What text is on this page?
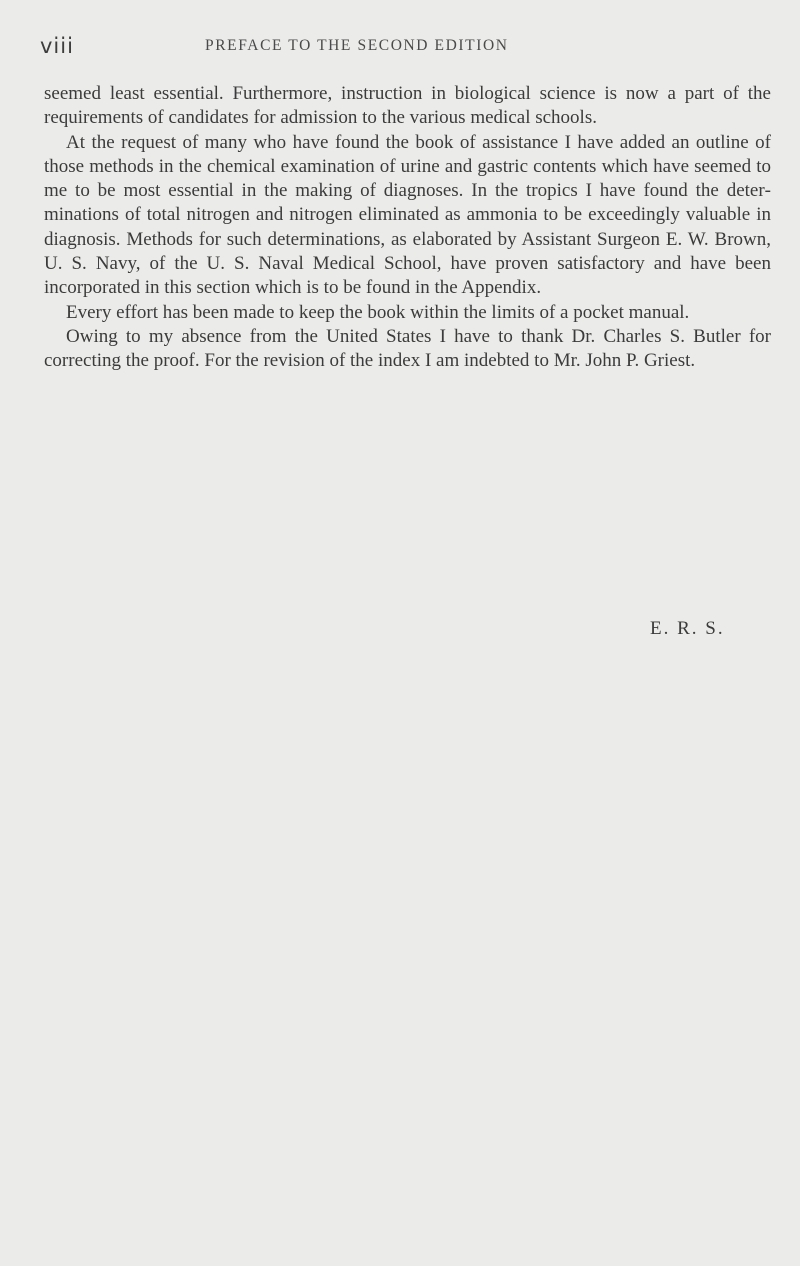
viii	PREFACE TO THE SECOND EDITION

seemed least essential. Furthermore, instruction in biological science is now a part of the requirements of candidates for admission to the various medical schools.

At the request of many who have found the book of assistance I have added an outline of those methods in the chemical examination of urine and gastric contents which have seemed to me to be most essential in the making of diagnoses. In the tropics I have found the determinations of total nitrogen and nitrogen eliminated as ammonia to be exceedingly valuable in diagnosis. Methods for such determinations, as elaborated by Assistant Surgeon E. W. Brown, U. S. Navy, of the U. S. Naval Medical School, have proven satisfactory and have been incorporated in this section which is to be found in the Appendix.

Every effort has been made to keep the book within the limits of a pocket manual.

Owing to my absence from the United States I have to thank Dr. Charles S. Butler for correcting the proof. For the revision of the index I am indebted to Mr. John P. Griest.

E. R. S.
